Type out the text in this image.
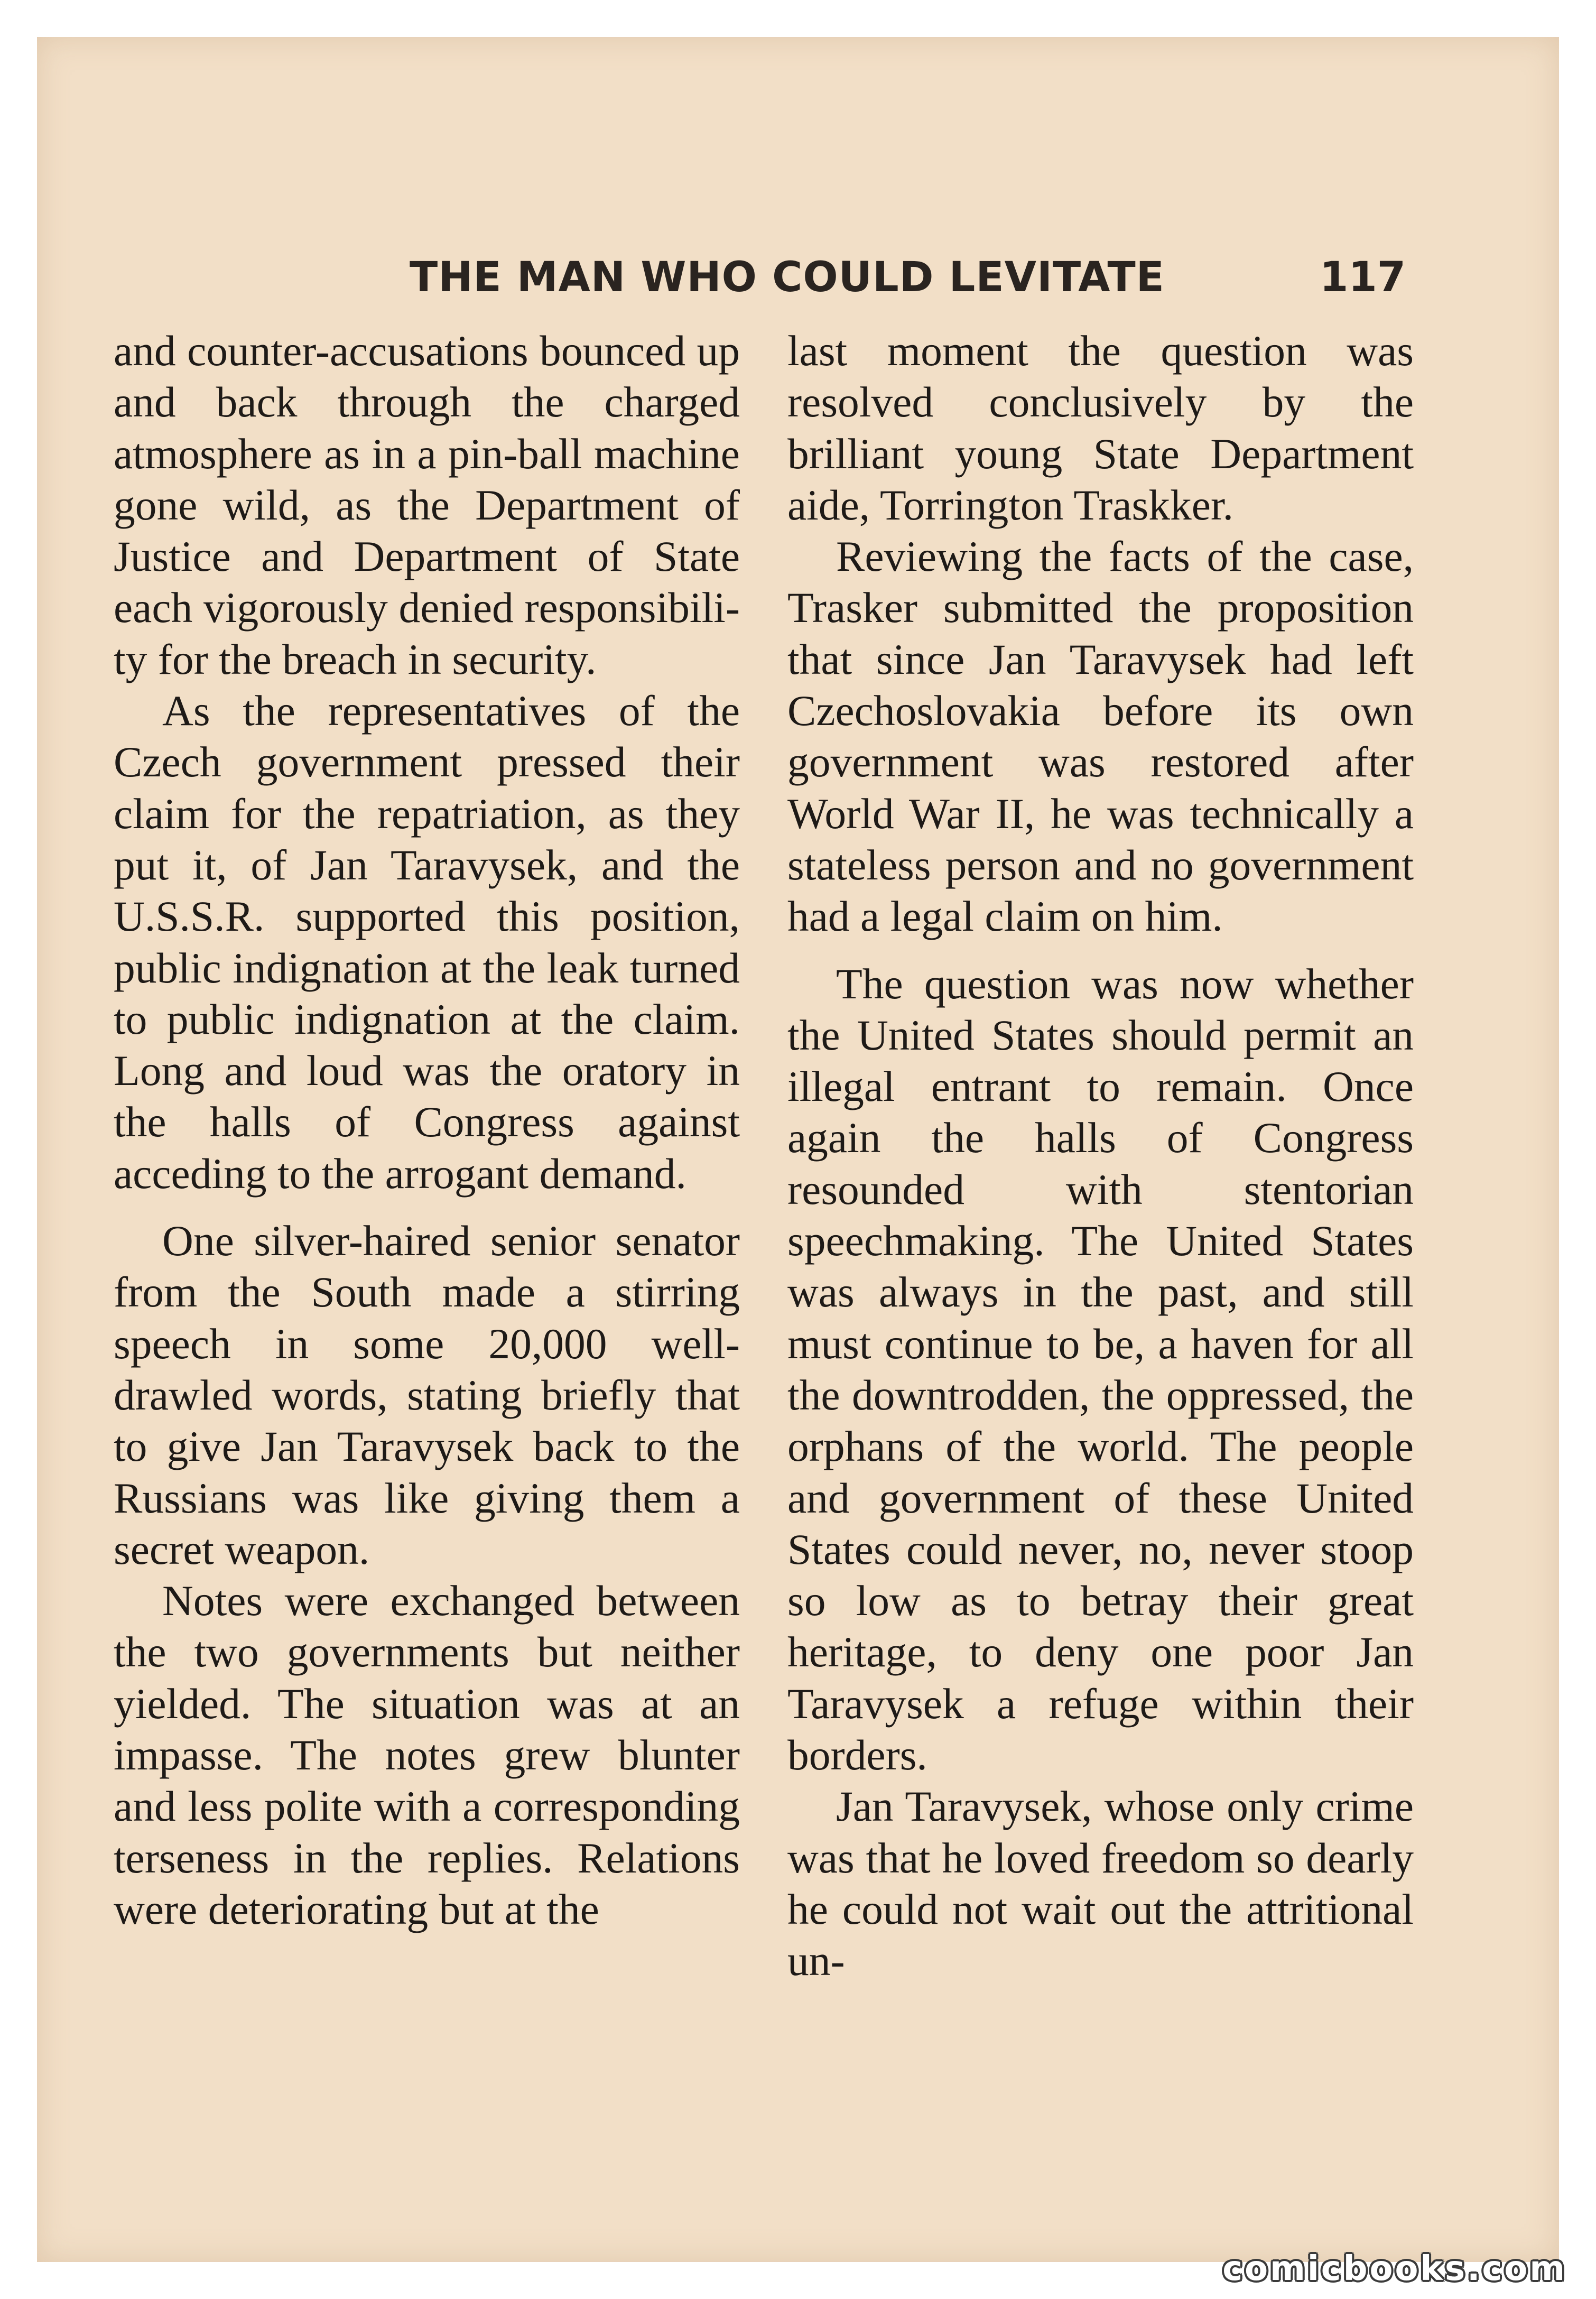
THE MAN WHO COULD LEVITATE	117

and counter-accusations bounced up and back through the charged atmosphere as in a pin-ball machine gone wild, as the Department of Justice and Department of State each vigorously denied responsibility for the breach in security.

As the representatives of the Czech government pressed their claim for the repatriation, as they put it, of Jan Taravysek, and the U.S.S.R. supported this position, public indignation at the leak turned to public indignation at the claim. Long and loud was the oratory in the halls of Congress against acceding to the arrogant demand.

One silver-haired senior senator from the South made a stirring speech in some 20,000 well-drawled words, stating briefly that to give Jan Taravysek back to the Russians was like giving them a secret weapon.

Notes were exchanged between the two governments but neither yielded. The situation was at an impasse. The notes grew blunter and less polite with a corresponding terseness in the replies. Relations were deteriorating but at the

last moment the question was resolved conclusively by the brilliant young State Department aide, Torrington Traskker.

Reviewing the facts of the case, Trasker submitted the proposition that since Jan Taravysek had left Czechoslovakia before its own government was restored after World War II, he was technically a stateless person and no government had a legal claim on him.

The question was now whether the United States should permit an illegal entrant to remain. Once again the halls of Congress resounded with stentorian speechmaking. The United States was always in the past, and still must continue to be, a haven for all the downtrodden, the oppressed, the orphans of the world. The people and government of these United States could never, no, never stoop so low as to betray their great heritage, to deny one poor Jan Taravysek a refuge within their borders.

Jan Taravysek, whose only crime was that he loved freedom so dearly he could not wait out the attritional un-

comicbooks.com
